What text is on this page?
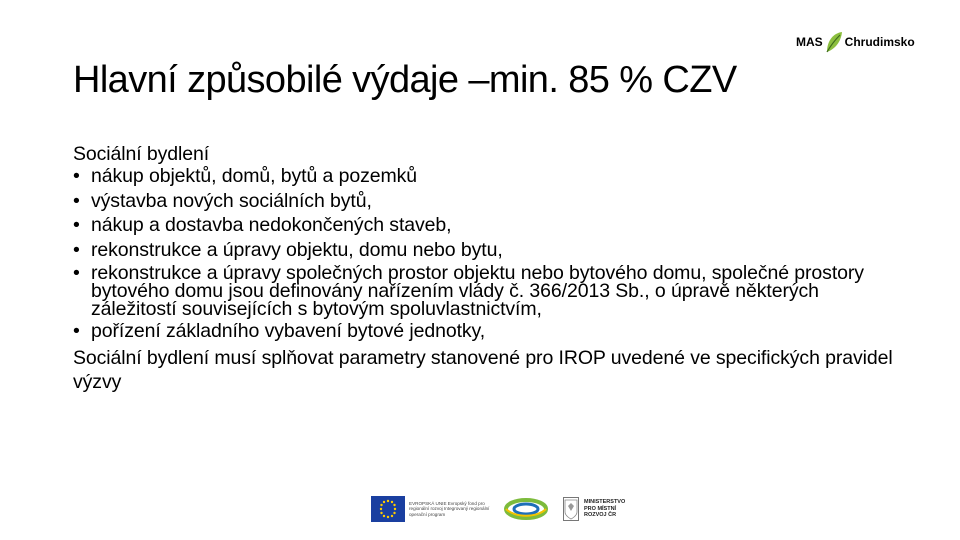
Hlavní způsobilé výdaje –min. 85 % CZV
MAS Chrudimsko

Sociální bydlení

• nákup objektů, domů, bytů a pozemků
• výstavba nových sociálních bytů,
• nákup a dostavba nedokončených staveb,
• rekonstrukce a úpravy objektu, domu nebo bytu,
• rekonstrukce a úpravy společných prostor objektu nebo bytového domu, společné prostory bytového domu jsou definovány nařízením vlády č. 366/2013 Sb., o úpravě některých záležitostí souvisejících s bytovým spoluvlastnictvím,
• pořízení základního vybavení bytové jednotky,

Sociální bydlení musí splňovat parametry stanovené pro IROP uvedené ve specifických pravidel výzvy

EVROPSKÁ UNIE Evropský fond pro regionální rozvoj Integrovaný regionální operační program
MINISTERSTVO
PRO MÍSTNÍ
ROZVOJ ČR
